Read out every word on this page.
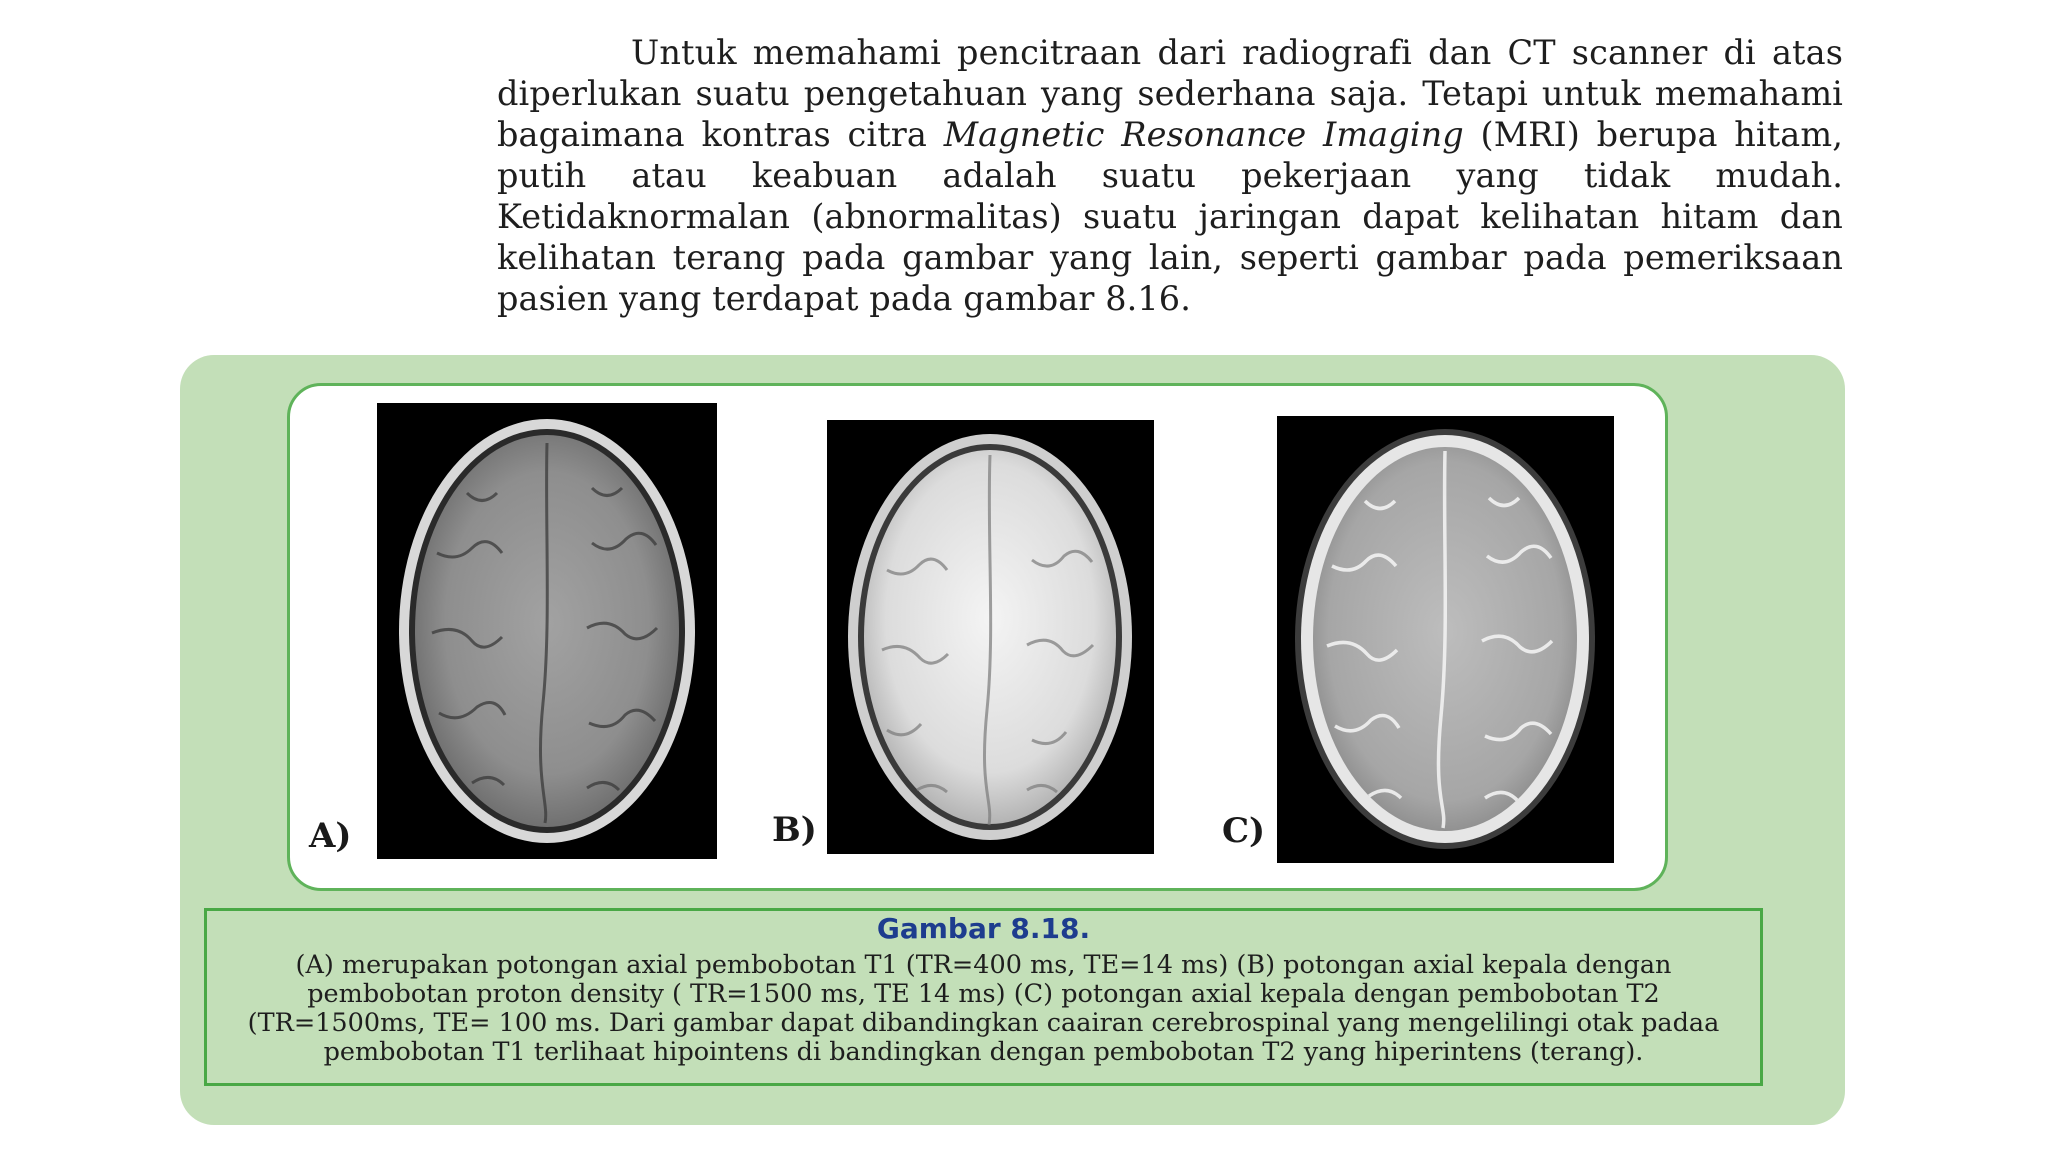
Untuk memahami pencitraan dari radiografi dan CT scanner di atas diperlukan suatu pengetahuan yang sederhana saja. Tetapi untuk memahami bagaimana kontras citra Magnetic Resonance Imaging (MRI) berupa hitam, putih atau keabuan adalah suatu pekerjaan yang tidak mudah. Ketidaknormalan (abnormalitas) suatu jaringan dapat kelihatan hitam dan kelihatan terang pada gambar yang lain, seperti gambar pada pemeriksaan pasien yang terdapat pada gambar 8.16.

A)	B)	C)
Gambar 8.18.

(A) merupakan potongan axial pembobotan T1 (TR=400 ms, TE=14 ms) (B) potongan axial kepala dengan pembobotan proton density ( TR=1500 ms, TE 14 ms) (C) potongan axial kepala dengan pembobotan T2 (TR=1500ms, TE= 100 ms. Dari gambar dapat dibandingkan caairan cerebrospinal yang mengelilingi otak padaa pembobotan T1 terlihaat hipointens di bandingkan dengan pembobotan T2 yang hiperintens (terang).
